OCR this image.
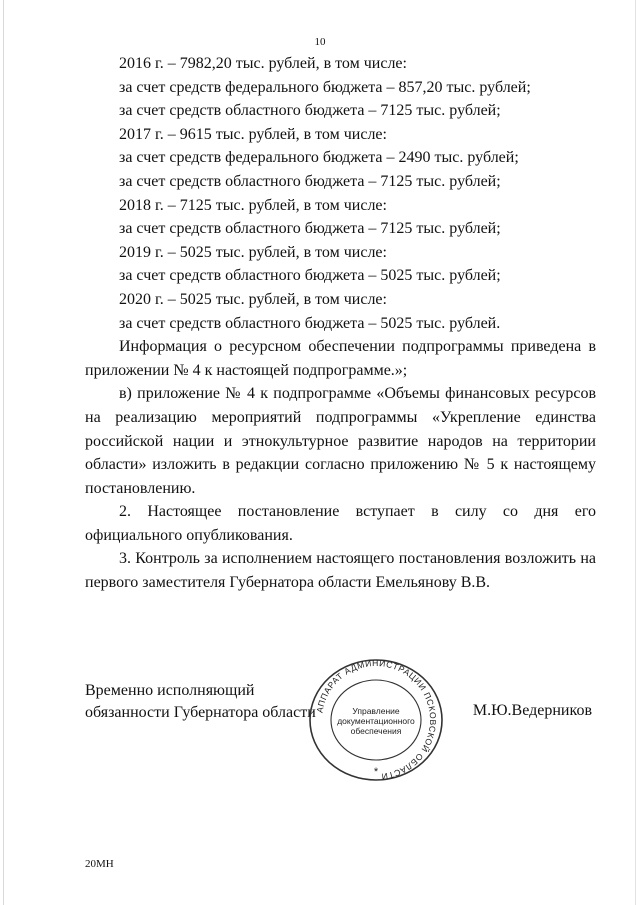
10

2016 г. – 7982,20 тыс. рублей, в том числе:

за счет средств федерального бюджета – 857,20 тыс. рублей;

за счет средств областного бюджета – 7125 тыс. рублей;

2017 г. – 9615 тыс. рублей, в том числе:

за счет средств федерального бюджета – 2490 тыс. рублей;

за счет средств областного бюджета – 7125 тыс. рублей;

2018 г. – 7125 тыс. рублей, в том числе:

за счет средств областного бюджета – 7125 тыс. рублей;

2019 г. – 5025 тыс. рублей, в том числе:

за счет средств областного бюджета – 5025 тыс. рублей;

2020 г. – 5025 тыс. рублей, в том числе:

за счет средств областного бюджета – 5025 тыс. рублей.

Информация о ресурсном обеспечении подпрограммы приведена в приложении № 4 к настоящей подпрограмме.»;

в) приложение № 4 к подпрограмме «Объемы финансовых ресурсов на реализацию мероприятий подпрограммы «Укрепление единства российской нации и этнокультурное развитие народов на территории области» изложить в редакции согласно приложению № 5 к настоящему постановлению.

2. Настоящее постановление вступает в силу со дня его официального опубликования.

3. Контроль за исполнением настоящего постановления возложить на первого заместителя Губернатора области Емельянову В.В.

Временно исполняющий
обязанности Губернатора области
АППАРАТ АДМИНИСТРАЦИИ ПСКОВСКОЙ ОБЛАСТИ
*
Управление
документационного
обеспечения
М.Ю.Ведерников
20МН
